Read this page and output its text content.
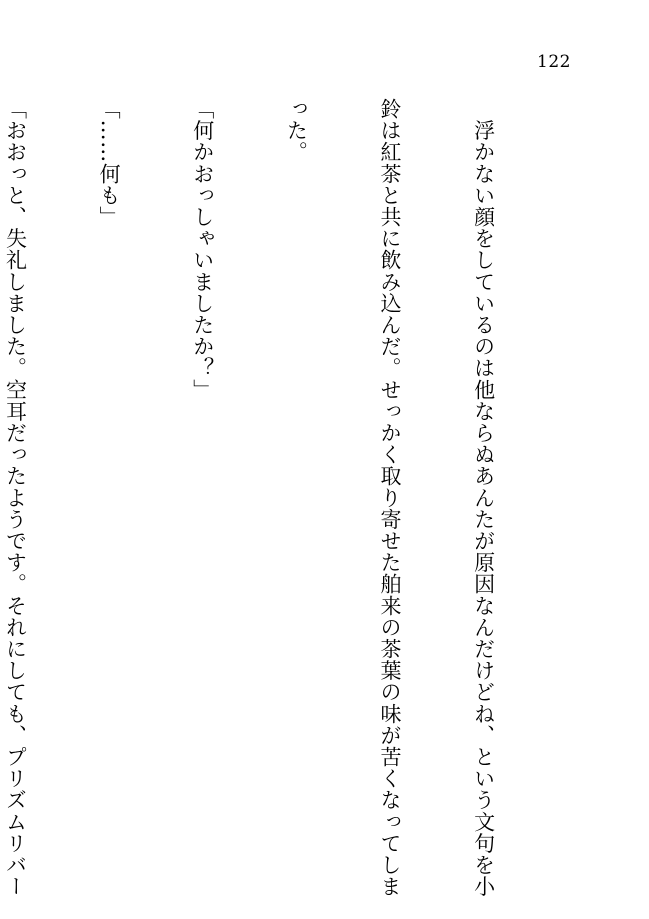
122

　浮かない顔をしているのは他ならぬあんたが原因なんだけどね、という文句を小

鈴は紅茶と共に飲み込んだ。せっかく取り寄せた舶来の茶葉の味が苦くなってしま

った。

「何かおっしゃいましたか？」

「……何も」

「おおっと、失礼しました。空耳だったようです。それにしても、プリズムリバー
